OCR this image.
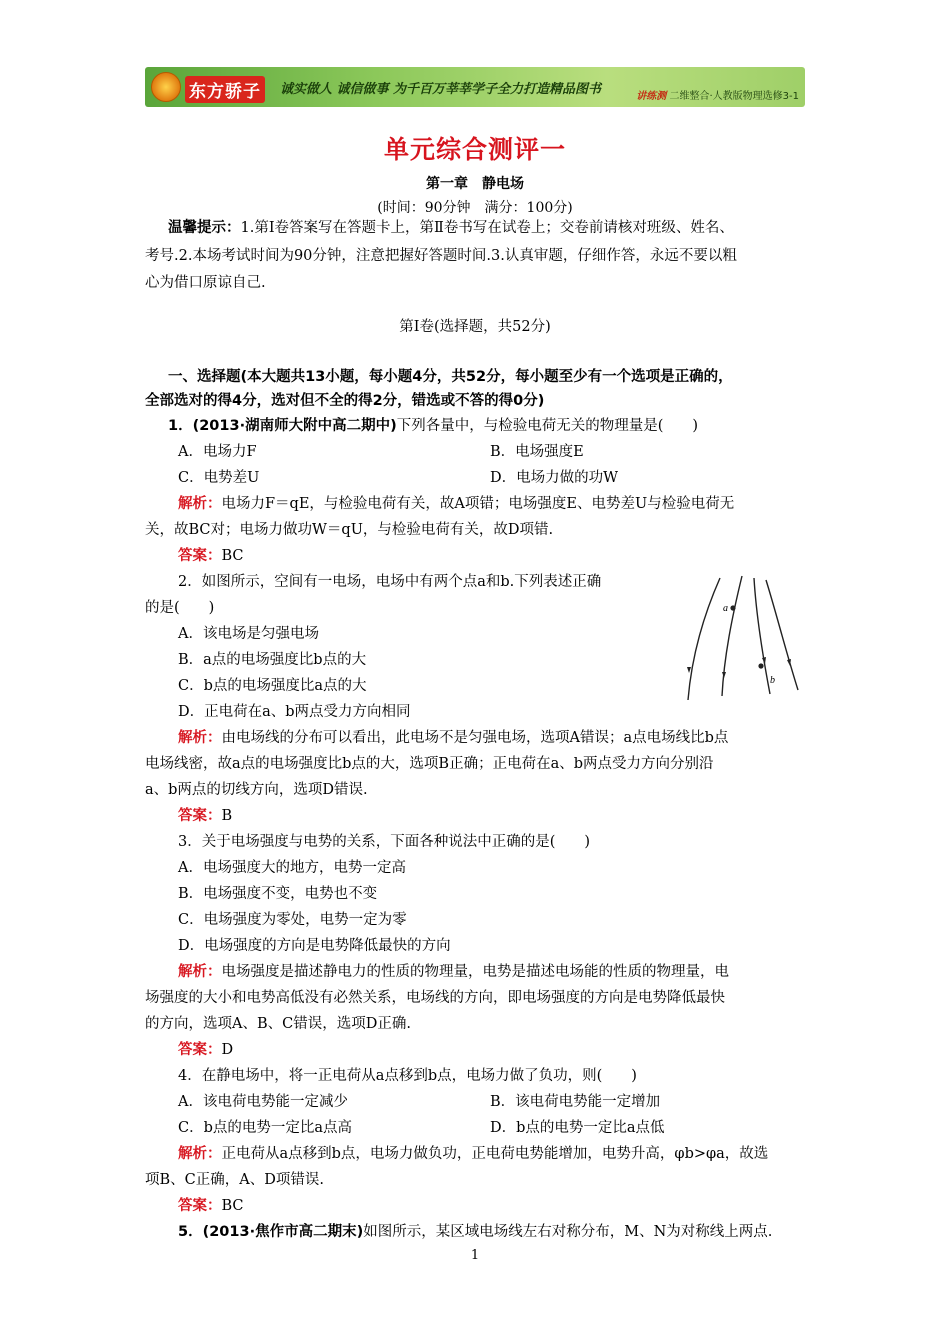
东方骄子	诚实做人 诚信做事 为千百万莘莘学子全力打造精品图书	讲练测 二维整合·人教版物理选修3-1
单元综合测评一
第一章　静电场
(时间：90分钟　满分：100分)
温馨提示：1.第Ⅰ卷答案写在答题卡上，第Ⅱ卷书写在试卷上；交卷前请核对班级、姓名、
考号.2.本场考试时间为90分钟，注意把握好答题时间.3.认真审题，仔细作答，永远不要以粗
心为借口原谅自己.
第Ⅰ卷(选择题，共52分)
一、选择题(本大题共13小题，每小题4分，共52分，每小题至少有一个选项是正确的，
全部选对的得4分，选对但不全的得2分，错选或不答的得0分)
1．(2013·湖南师大附中高二期中)下列各量中，与检验电荷无关的物理量是(　　)
A．电场力F	B．电场强度E
C．电势差U	D．电场力做的功W
解析：电场力F＝qE，与检验电荷有关，故A项错；电场强度E、电势差U与检验电荷无
关，故BC对；电场力做功W＝qU，与检验电荷有关，故D项错.
答案：BC
2．如图所示，空间有一电场，电场中有两个点a和b.下列表述正确
的是(　　)
A．该电场是匀强电场
B．a点的电场强度比b点的大
C．b点的电场强度比a点的大
D．正电荷在a、b两点受力方向相同
a
b
解析：由电场线的分布可以看出，此电场不是匀强电场，选项A错误；a点电场线比b点
电场线密，故a点的电场强度比b点的大，选项B正确；正电荷在a、b两点受力方向分别沿
a、b两点的切线方向，选项D错误.
答案：B
3．关于电场强度与电势的关系，下面各种说法中正确的是(　　)
A．电场强度大的地方，电势一定高
B．电场强度不变，电势也不变
C．电场强度为零处，电势一定为零
D．电场强度的方向是电势降低最快的方向
解析：电场强度是描述静电力的性质的物理量，电势是描述电场能的性质的物理量，电
场强度的大小和电势高低没有必然关系，电场线的方向，即电场强度的方向是电势降低最快
的方向，选项A、B、C错误，选项D正确.
答案：D
4．在静电场中，将一正电荷从a点移到b点，电场力做了负功，则(　　)
A．该电荷电势能一定减少	B．该电荷电势能一定增加
C．b点的电势一定比a点高	D．b点的电势一定比a点低
解析：正电荷从a点移到b点，电场力做负功，正电荷电势能增加，电势升高，φb>φa，故选
项B、C正确，A、D项错误.
答案：BC
5．(2013·焦作市高二期末)如图所示，某区域电场线左右对称分布，M、N为对称线上两点.
1
